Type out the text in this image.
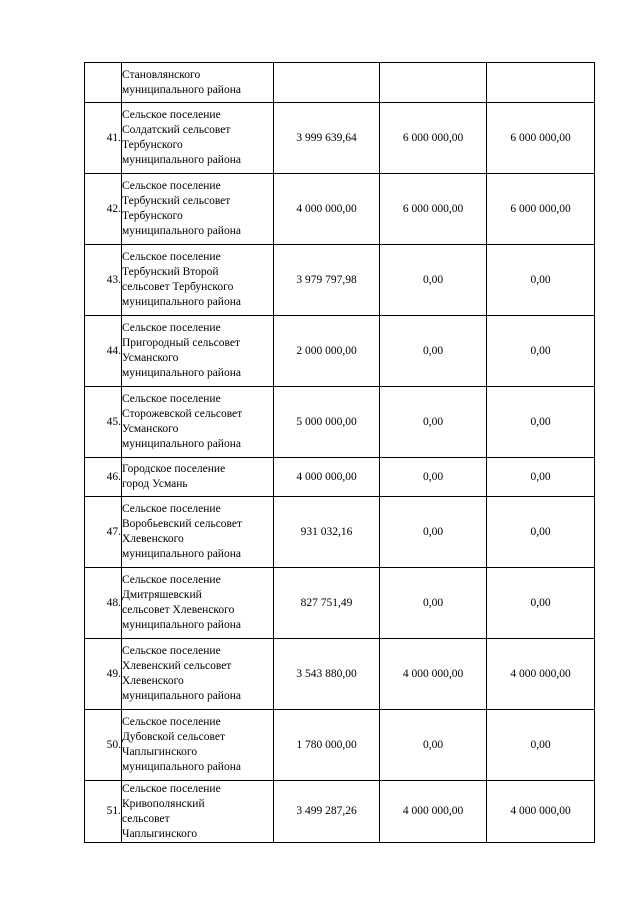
	Становлянского
муниципального района			

41.	Сельское поселение
Солдатский сельсовет
Тербунского
муниципального района	3 999 639,64	6 000 000,00	6 000 000,00
42.	Сельское поселение
Тербунский сельсовет
Тербунского
муниципального района	4 000 000,00	6 000 000,00	6 000 000,00
43.	Сельское поселение
Тербунский Второй
сельсовет Тербунского
муниципального района	3 979 797,98	0,00	0,00
44.	Сельское поселение
Пригородный сельсовет
Усманского
муниципального района	2 000 000,00	0,00	0,00
45.	Сельское поселение
Сторожевской сельсовет
Усманского
муниципального района	5 000 000,00	0,00	0,00
46.	Городское поселение
город Усмань	4 000 000,00	0,00	0,00
47.	Сельское поселение
Воробьевский сельсовет
Хлевенского
муниципального района	931 032,16	0,00	0,00
48.	Сельское поселение
Дмитряшевский
сельсовет Хлевенского
муниципального района	827 751,49	0,00	0,00
49.	Сельское поселение
Хлевенский сельсовет
Хлевенского
муниципального района	3 543 880,00	4 000 000,00	4 000 000,00
50.	Сельское поселение
Дубовской сельсовет
Чаплыгинского
муниципального района	1 780 000,00	0,00	0,00
51.	Сельское поселение
Кривополянский
сельсовет
Чаплыгинского	3 499 287,26	4 000 000,00	4 000 000,00
